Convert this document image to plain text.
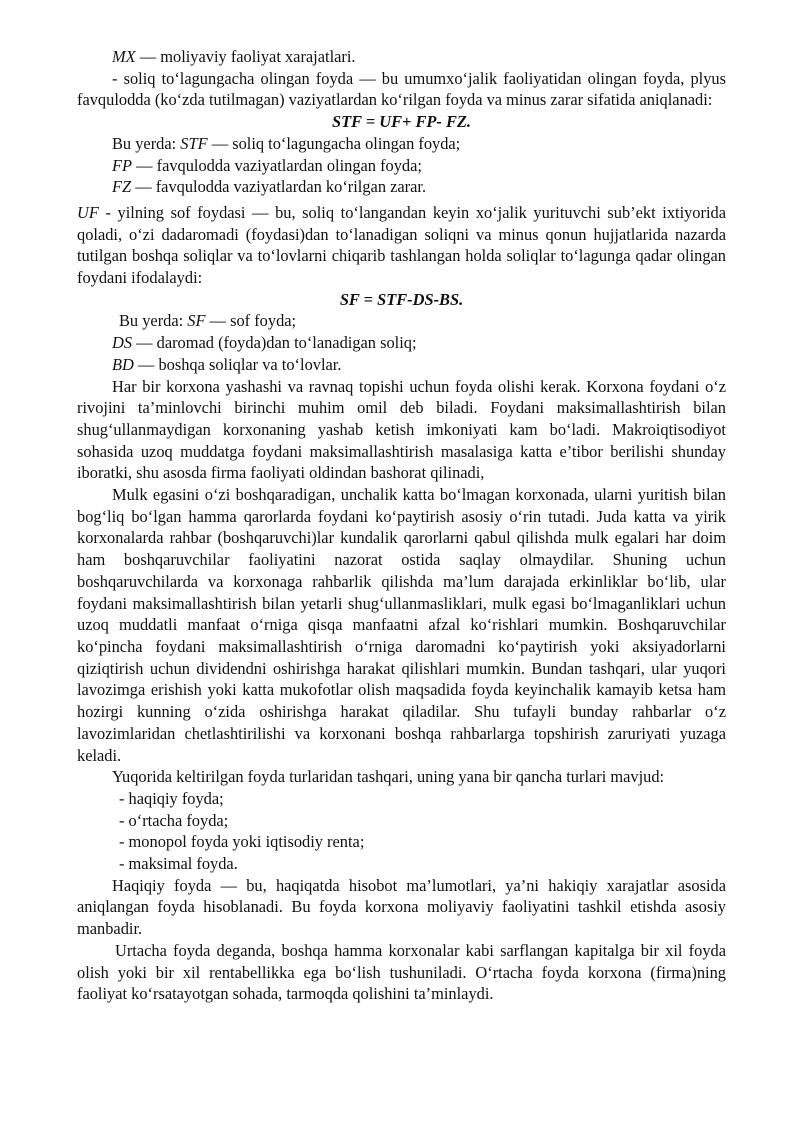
MX — moliyaviy faoliyat xarajatlari.

- soliq to‘lagungacha olingan foyda — bu umumxo‘jalik faoliyatidan olingan foyda, plyus favqulodda (ko‘zda tutilmagan) vaziyatlardan ko‘rilgan foyda va minus zarar sifatida aniqlanadi:

STF = UF+ FP- FZ.

Bu yerda: STF — soliq to‘lagungacha olingan foyda;

FP — favqulodda vaziyatlardan olingan foyda;

FZ — favqulodda vaziyatlardan ko‘rilgan zarar.

UF - yilning sof foydasi — bu, soliq to‘langandan keyin xo‘jalik yurituvchi sub’ekt ixtiyorida qoladi, o‘zi dadaromadi (foydasi)dan to‘lanadigan soliqni va minus qonun hujjatlarida nazarda tutilgan boshqa soliqlar va to‘lovlarni chiqarib tashlangan holda soliqlar to‘lagunga qadar olingan foydani ifodalaydi:

SF = STF-DS-BS.

Bu yerda: SF — sof foyda;

DS — daromad (foyda)dan to‘lanadigan soliq;

BD — boshqa soliqlar va to‘lovlar.

Har bir korxona yashashi va ravnaq topishi uchun foyda olishi kerak. Korxona foydani o‘z rivojini ta’minlovchi birinchi muhim omil deb biladi. Foydani maksimallashtirish bilan shug‘ullanmaydigan korxonaning yashab ketish imkoniyati kam bo‘ladi. Makroiqtisodiyot sohasida uzoq muddatga foydani maksimallashtirish masalasiga katta e’tibor berilishi shunday iboratki, shu asosda firma faoliyati oldindan bashorat qilinadi,

Mulk egasini o‘zi boshqaradigan, unchalik katta bo‘lmagan korxonada, ularni yuritish bilan bog‘liq bo‘lgan hamma qarorlarda foydani ko‘paytirish asosiy o‘rin tutadi. Juda katta va yirik korxonalarda rahbar (boshqaruvchi)lar kundalik qarorlarni qabul qilishda mulk egalari har doim ham boshqaruvchilar faoliyatini nazorat ostida saqlay olmaydilar. Shuning uchun boshqaruvchilarda va korxonaga rahbarlik qilishda ma’lum darajada erkinliklar bo‘lib, ular foydani maksimallashtirish bilan yetarli shug‘ullanmasliklari, mulk egasi bo‘lmaganliklari uchun uzoq muddatli manfaat o‘rniga qisqa manfaatni afzal ko‘rishlari mumkin. Boshqaruvchilar ko‘pincha foydani maksimallashtirish o‘rniga daromadni ko‘paytirish yoki aksiyadorlarni qiziqtirish uchun dividendni oshirishga harakat qilishlari mumkin. Bundan tashqari, ular yuqori lavozimga erishish yoki katta mukofotlar olish maqsadida foyda keyinchalik kamayib ketsa ham hozirgi kunning o‘zida oshirishga harakat qiladilar. Shu tufayli bunday rahbarlar o‘z lavozimlaridan chetlashtirilishi va korxonani boshqa rahbarlarga topshirish zaruriyati yuzaga keladi.

Yuqorida keltirilgan foyda turlaridan tashqari, uning yana bir qancha turlari mavjud:

- haqiqiy foyda;

- o‘rtacha foyda;

- monopol foyda yoki iqtisodiy renta;

- maksimal foyda.

Haqiqiy foyda — bu, haqiqatda hisobot ma’lumotlari, ya’ni hakiqiy xarajatlar asosida aniqlangan foyda hisoblanadi. Bu foyda korxona moliyaviy faoliyatini tashkil etishda asosiy manbadir.

Urtacha foyda deganda, boshqa hamma korxonalar kabi sarflangan kapitalga bir xil foyda olish yoki bir xil rentabellikka ega bo‘lish tushuniladi. O‘rtacha foyda korxona (firma)ning faoliyat ko‘rsatayotgan sohada, tarmoqda qolishini ta’minlaydi.
